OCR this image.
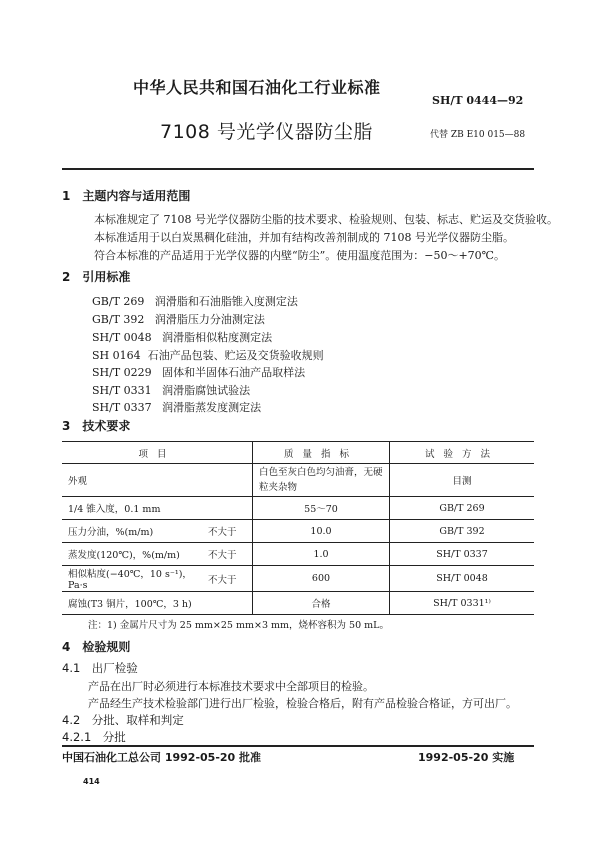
中华人民共和国石油化工行业标准
SH/T 0444—92
7108 号光学仪器防尘脂	代替 ZB E10 015—88
1　主题内容与适用范围
本标准规定了 7108 号光学仪器防尘脂的技术要求、检验规则、包装、标志、贮运及交货验收。
本标准适用于以白炭黑稠化硅油，并加有结构改善剂制成的 7108 号光学仪器防尘脂。
符合本标准的产品适用于光学仪器的内壁“防尘”。使用温度范围为：−50～+70℃。
2　引用标准
GB/T 269 润滑脂和石油脂锥入度测定法
GB/T 392 润滑脂压力分油测定法
SH/T 0048 润滑脂相似粘度测定法
SH 0164 石油产品包装、贮运及交货验收规则
SH/T 0229 固体和半固体石油产品取样法
SH/T 0331 润滑脂腐蚀试验法
SH/T 0337 润滑脂蒸发度测定法
3　技术要求
项目		质量指标	试验方法
外观		白色至灰白色均匀油膏，无硬粒夹杂物	目测
1/4 锥入度，0.1 mm		55～70	GB/T 269
压力分油，%(m/m)	不大于	10.0	GB/T 392
蒸发度(120℃)，%(m/m)	不大于	1.0	SH/T 0337
相似粘度(−40℃，10 s⁻¹)，Pa·s	不大于	600	SH/T 0048
腐蚀(T3 铜片，100℃，3 h)		合格	SH/T 0331¹⁾
注：1) 金属片尺寸为 25 mm×25 mm×3 mm，烧杯容积为 50 mL。
4　检验规则
4.1　出厂检验
产品在出厂时必须进行本标准技术要求中全部项目的检验。
产品经生产技术检验部门进行出厂检验，检验合格后，附有产品检验合格证，方可出厂。
4.2　分批、取样和判定
4.2.1　分批
中国石油化工总公司 1992-05-20 批准	1992-05-20 实施
414
